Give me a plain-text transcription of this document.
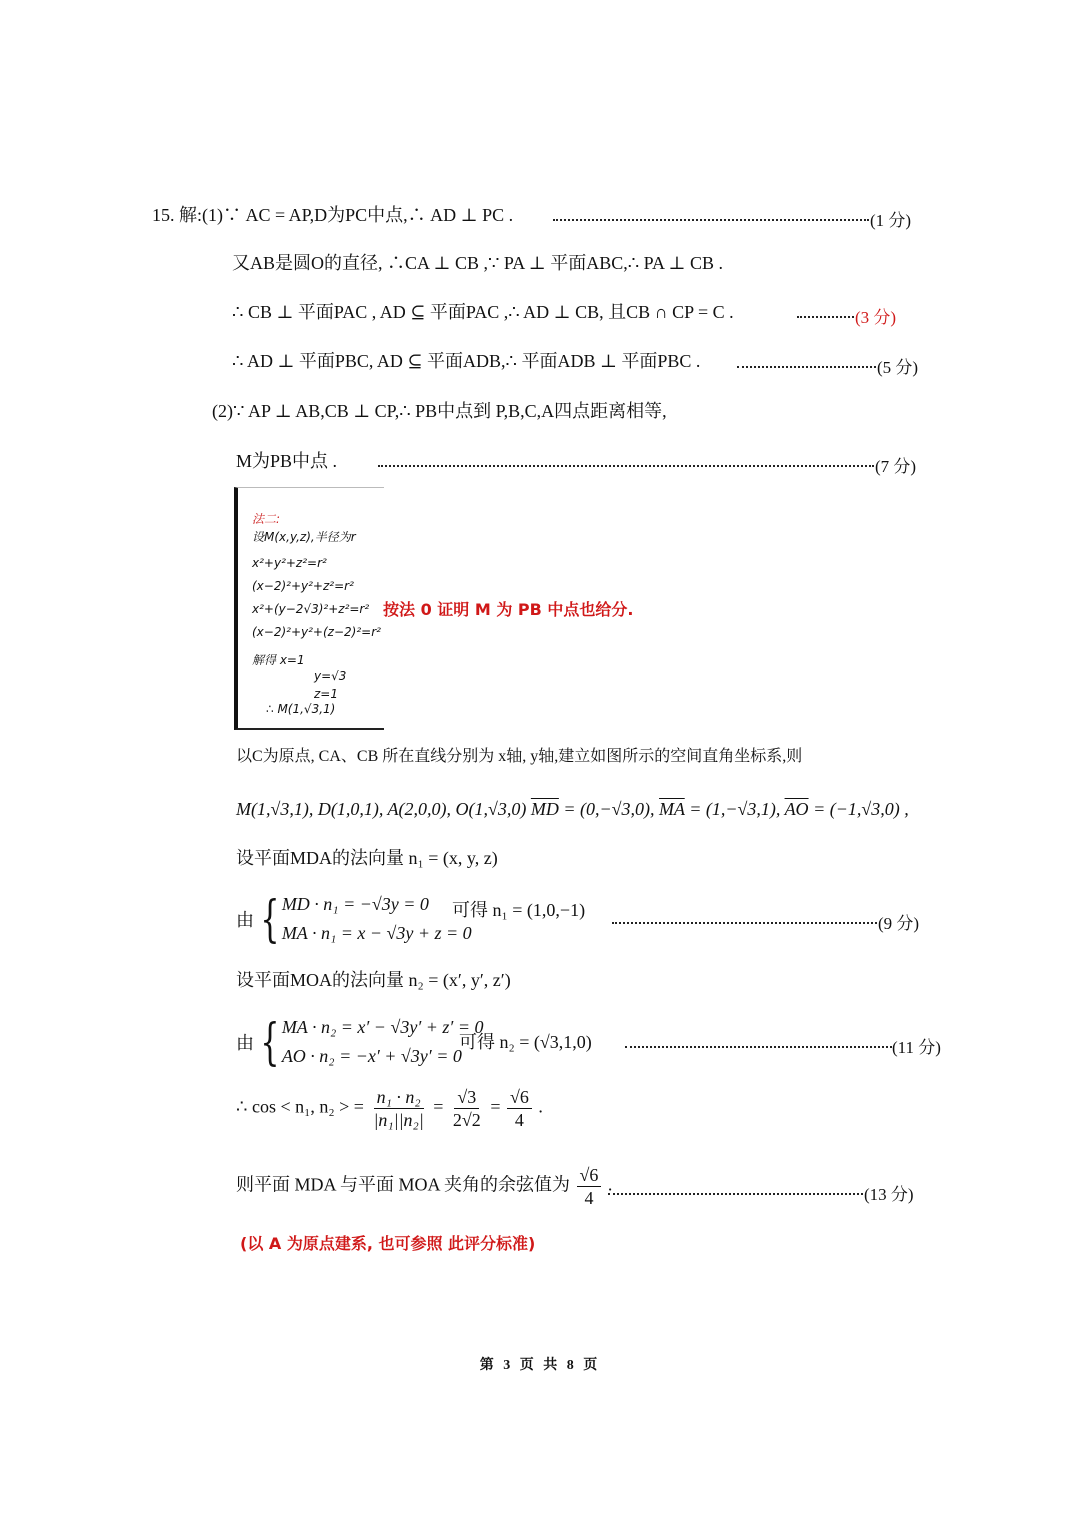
15. 解:(1)∵ AC = AP,D为PC中点,∴ AD ⊥ PC .	(1 分)
又AB是圆O的直径, ∴CA ⊥ CB ,∵ PA ⊥ 平面ABC,∴ PA ⊥ CB .
∴ CB ⊥ 平面PAC , AD ⊆ 平面PAC ,∴ AD ⊥ CB, 且CB ∩ CP = C .	(3 分)
∴ AD ⊥ 平面PBC, AD ⊆ 平面ADB,∴ 平面ADB ⊥ 平面PBC .	(5 分)
(2)∵ AP ⊥ AB,CB ⊥ CP,∴ PB中点到 P,B,C,A四点距离相等,
M为PB中点 .	(7 分)
法二:
设M(x,y,z),半径为r
x²+y²+z²=r²
(x−2)²+y²+z²=r²
x²+(y−2√3)²+z²=r²
(x−2)²+y²+(z−2)²=r²
解得 x=1
y=√3
z=1
∴ M(1,√3,1)
按法 0 证明 M 为 PB 中点也给分.
以C为原点, CA、CB 所在直线分别为 x轴, y轴,建立如图所示的空间直角坐标系,则
M(1,√3,1), D(1,0,1), A(2,0,0), O(1,√3,0) $\overline{MD} = (0,-√3,0)$, $\overline{MA} = (1,-√3,1)$, $\overline{AO} = (-1,√3,0)$ ,
设平面MDA的法向量 n₁ = (x, y, z)
由 { MD · n₁ = −√3y = 0
MA · n₁ = x − √3y + z = 0
可得 n₁ = (1,0,−1)
(9 分)
设平面MOA的法向量 n₂ = (x′, y′, z′)
由 { MA · n₂ = x′ − √3y′ + z′ = 0
AO · n₂ = −x′ + √3y′ = 0
可得 n₂ = (√3,1,0)	(11 分)
∴ cos < n₁, n₂ > = $\frac{\text{n₁ · n₂}}{\text{|n₁||n₂|}} = \frac{√3}{2√2} = \frac{√6}{4}$ .
则平面 MDA 与平面 MOA 夹角的余弦值为 $\frac{√6}{4}$ .	(13 分)
(以 A 为原点建系, 也可参照 此评分标准)
第 3 页 共 8 页
